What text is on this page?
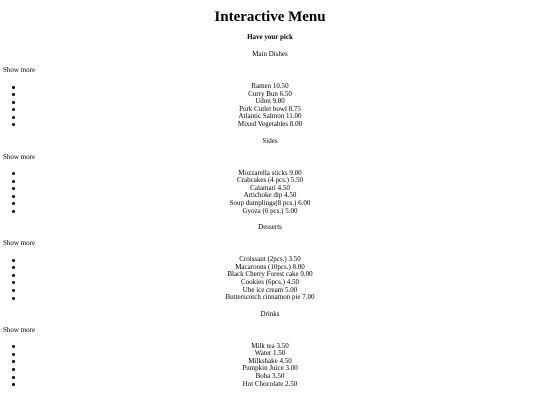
Interactive Menu

Have your pick

Main Dishes

Show more
Ramen 10.50
Curry Bun 6.50
Udon 9.00
Pork Cutlet bowl 8.75
Atlantic Salmon 11.00
Mixed Vegetables 8.00

Sides

Show more
Mozzarella sticks 9.00
Crabcakes (4 pcs.) 5.50
Calamari 4.50
Artichoke dip 4.50
Soup dumplings(8 pcs.) 6.00
Gyoza (6 pcs.) 5.00

Desserts

Show more
Croissant (2pcs.) 3.50
Macaroons (10pcs.) 8.00
Black Cherry Forest cake 9.00
Cookies (6pcs.) 4.50
Ube ice cream 5.00
Butterscotch cinnamon pie 7.00

Drinks

Show more
Milk tea 3.50
Water 1.50
Milkshake 4.50
Pumpkin Juice 3.00
Boba 3.50
Hot Chocolate 2.50
